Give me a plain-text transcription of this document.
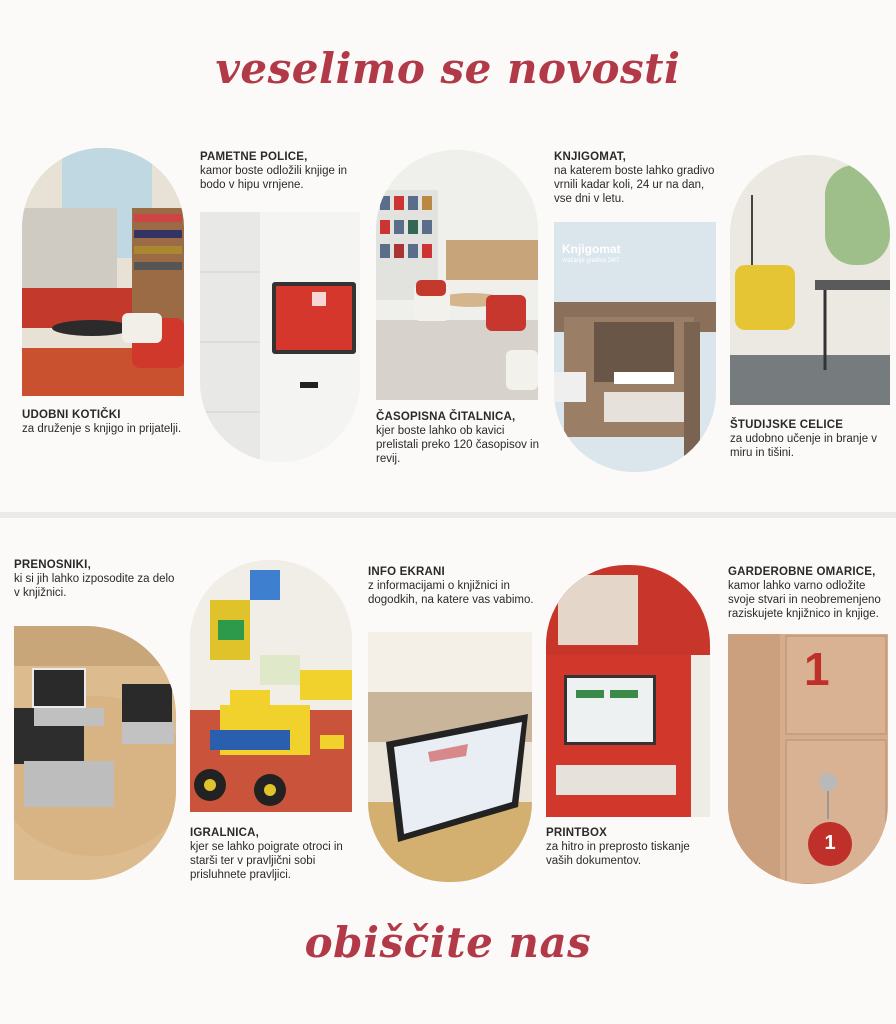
veselimo se novosti
UDOBNI KOTIČKI
za druženje s knjigo in prijatelji.
PAMETNE POLICE,
kamor boste odložili knjige in bodo v hipu vrnjene.
ČASOPISNA ČITALNICA,
kjer boste lahko ob kavici prelistali preko 120 časopisov in revij.
KNJIGOMAT,
na katerem boste lahko gradivo vrnili kadar koli, 24 ur na dan, vse dni v letu.
Knjigomat
vračanje gradiva 24/7
ŠTUDIJSKE CELICE
za udobno učenje in branje v miru in tišini.
PRENOSNIKI,
ki si jih lahko izposodite za delo v knjižnici.
IGRALNICA,
kjer se lahko poigrate otroci in starši ter v pravljični sobi prisluhnete pravljici.
INFO EKRANI
z informacijami o knjižnici in dogodkih, na katere vas vabimo.
PRINTBOX
za hitro in preprosto tiskanje vaših dokumentov.
GARDEROBNE OMARICE,
kamor lahko varno odložite svoje stvari in neobremenjeno raziskujete knjižnico in knjige.
1
1
obiščite nas
